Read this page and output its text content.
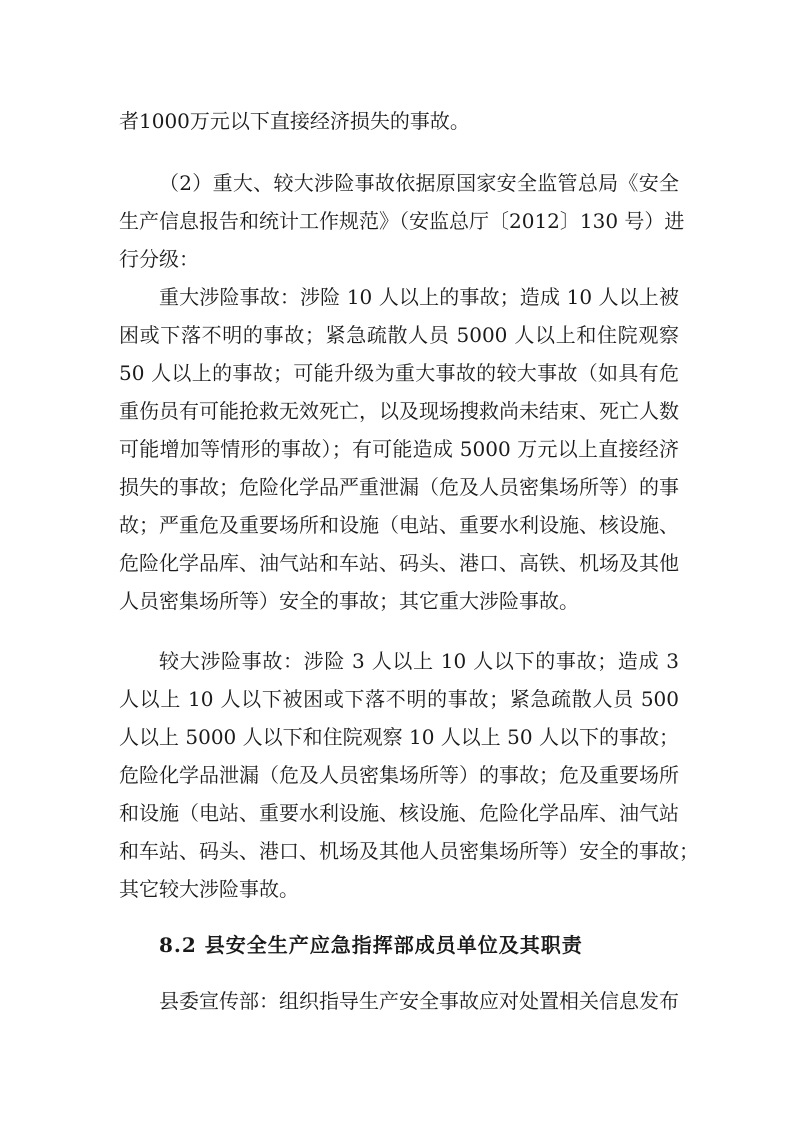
者1000万元以下直接经济损失的事故。
（2）重大、较大涉险事故依据原国家安全监管总局《安全
生产信息报告和统计工作规范》（安监总厅〔2012〕130 号）进
行分级：
重大涉险事故：涉险 10 人以上的事故；造成 10 人以上被
困或下落不明的事故；紧急疏散人员 5000 人以上和住院观察
50 人以上的事故；可能升级为重大事故的较大事故（如具有危
重伤员有可能抢救无效死亡，以及现场搜救尚未结束、死亡人数
可能增加等情形的事故）；有可能造成 5000 万元以上直接经济
损失的事故；危险化学品严重泄漏（危及人员密集场所等）的事
故；严重危及重要场所和设施（电站、重要水利设施、核设施、
危险化学品库、油气站和车站、码头、港口、高铁、机场及其他
人员密集场所等）安全的事故；其它重大涉险事故。
较大涉险事故：涉险 3 人以上 10 人以下的事故；造成 3
人以上 10 人以下被困或下落不明的事故；紧急疏散人员 500
人以上 5000 人以下和住院观察 10 人以上 50 人以下的事故；
危险化学品泄漏（危及人员密集场所等）的事故；危及重要场所
和设施（电站、重要水利设施、核设施、危险化学品库、油气站
和车站、码头、港口、机场及其他人员密集场所等）安全的事故；
其它较大涉险事故。
8.2 县安全生产应急指挥部成员单位及其职责
县委宣传部：组织指导生产安全事故应对处置相关信息发布
